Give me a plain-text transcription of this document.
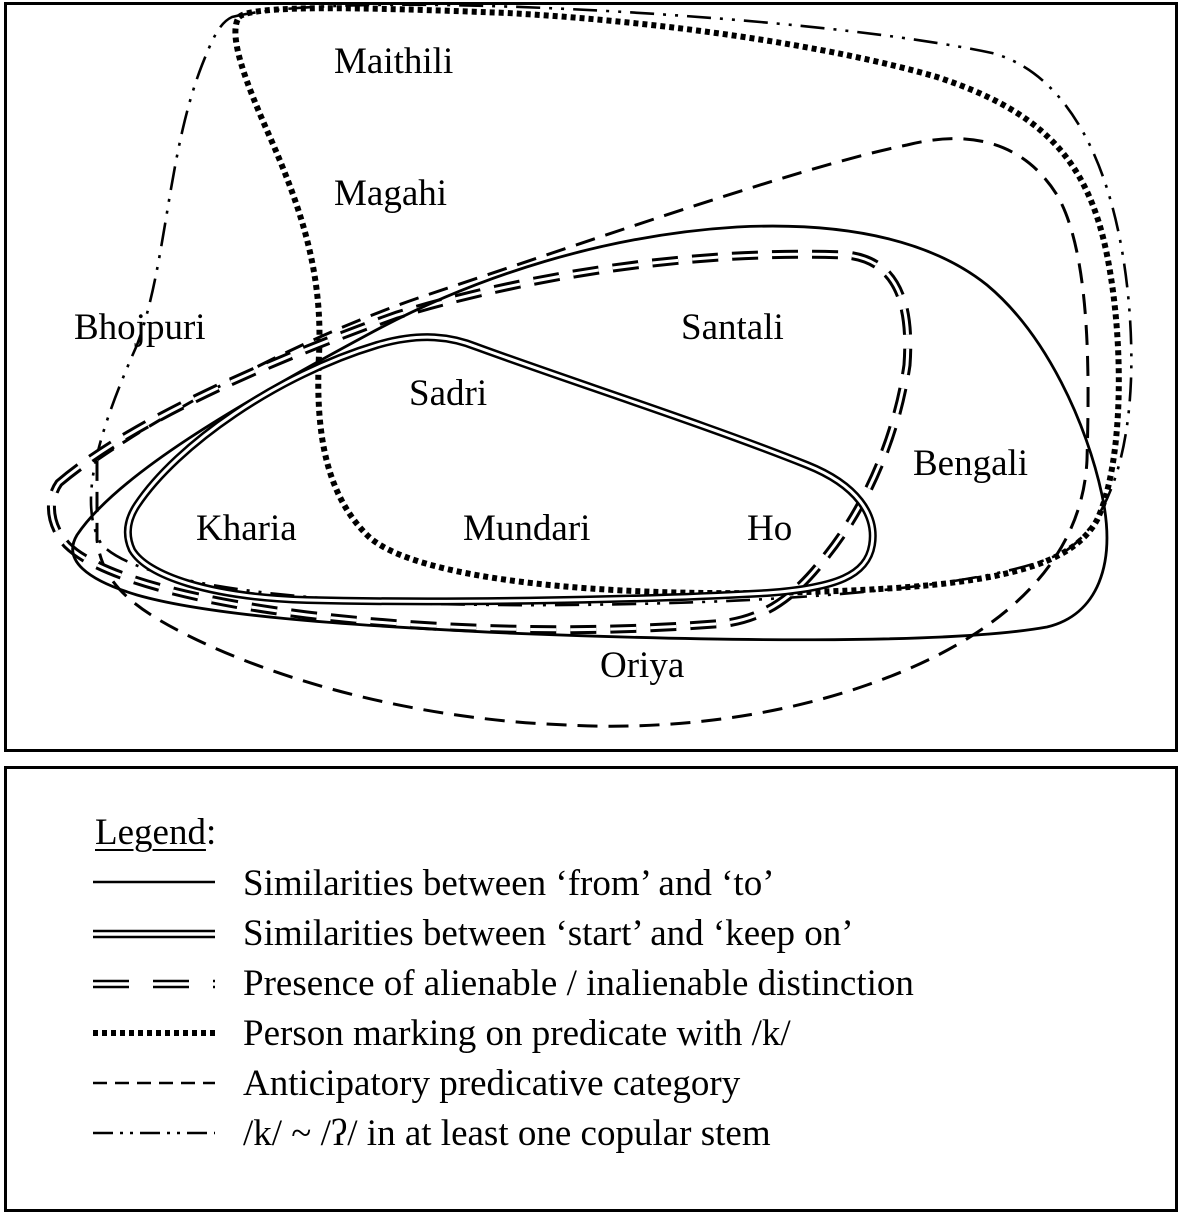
Maithili
Magahi
Bhojpuri	Santali
Sadri
Bengali
Kharia	Mundari	Ho
Oriya
Legend:
Similarities between ‘from’ and ‘to’
Similarities between ‘start’ and ‘keep on’
Presence of alienable / inalienable distinction
Person marking on predicate with /k/
Anticipatory predicative category
/k/ ~ /ʔ/ in at least one copular stem
